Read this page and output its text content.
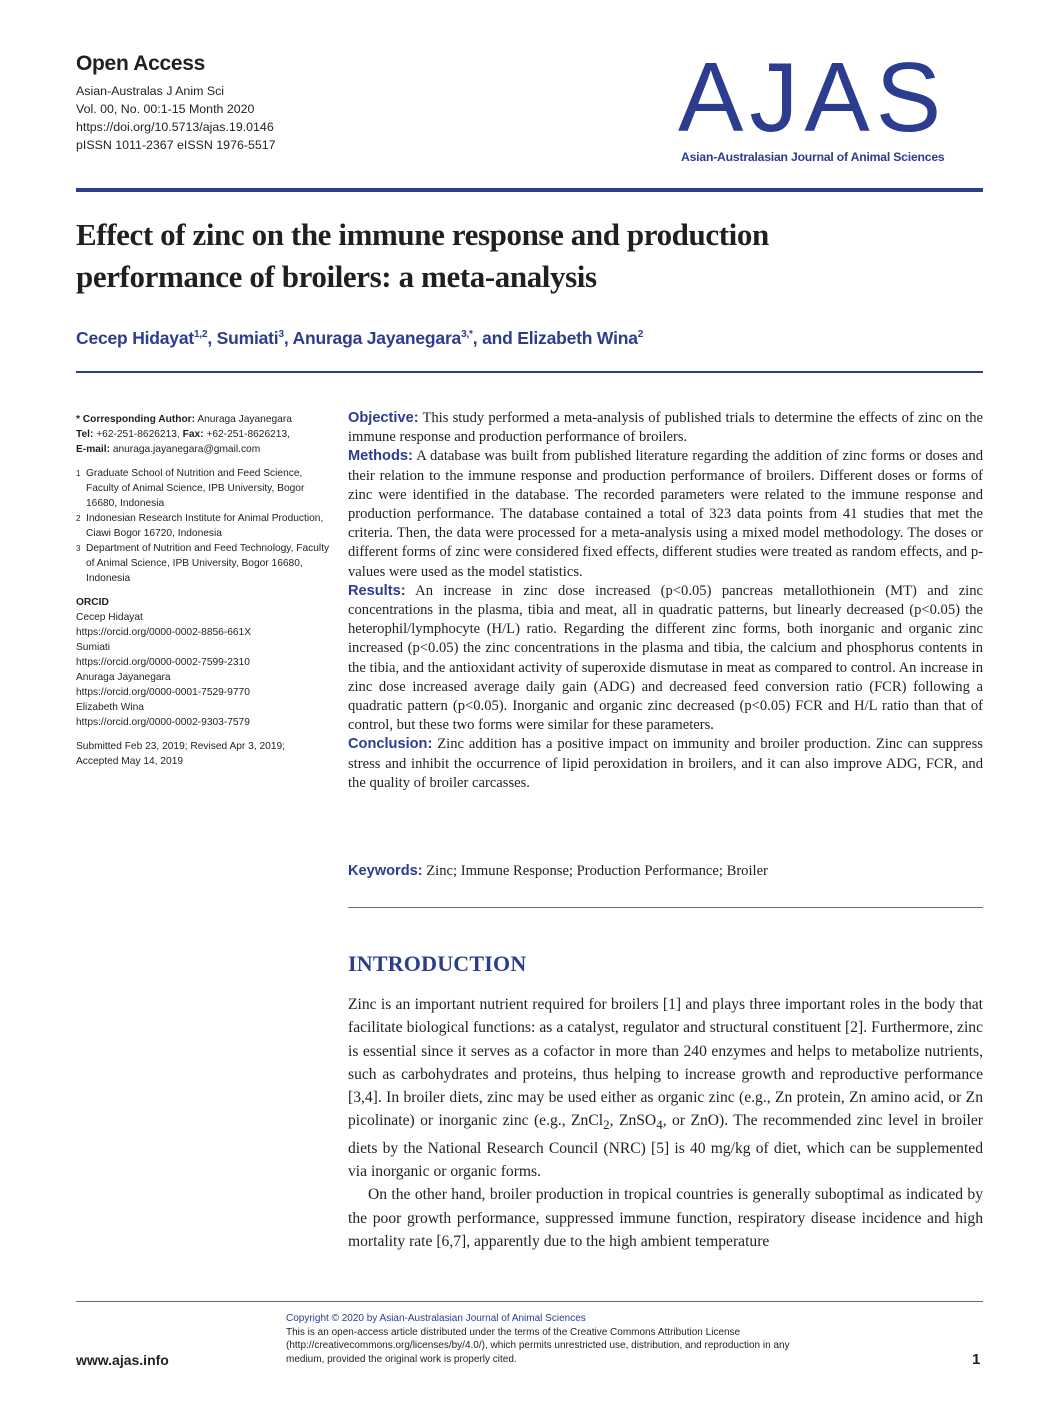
Open Access
Asian-Australas J Anim Sci
Vol. 00, No. 00:1-15 Month 2020
https://doi.org/10.5713/ajas.19.0146
pISSN 1011-2367 eISSN 1976-5517	AJAS
Asian-Australasian Journal of Animal Sciences
Effect of zinc on the immune response and production
performance of broilers: a meta-analysis
Cecep Hidayat$^{1,2}$, Sumiati$^3$, Anuraga Jayanegara$^{3,*}$, and Elizabeth Wina$^2$
* Corresponding Author: Anuraga Jayanegara
Tel: +62-251-8626213, Fax: +62-251-8626213,
E-mail: anuraga.jayanegara@gmail.com
1 Graduate School of Nutrition and Feed Science, Faculty of Animal Science, IPB University, Bogor 16680, Indonesia
2 Indonesian Research Institute for Animal Production, Ciawi Bogor 16720, Indonesia
3 Department of Nutrition and Feed Technology, Faculty of Animal Science, IPB University, Bogor 16680, Indonesia
ORCID
Cecep Hidayat
https://orcid.org/0000-0002-8856-661X
Sumiati
https://orcid.org/0000-0002-7599-2310
Anuraga Jayanegara
https://orcid.org/0000-0001-7529-9770
Elizabeth Wina
https://orcid.org/0000-0002-9303-7579
Submitted Feb 23, 2019; Revised Apr 3, 2019;
Accepted May 14, 2019

Objective: This study performed a meta-analysis of published trials to determine the effects of zinc on the immune response and production performance of broilers.

Methods: A database was built from published literature regarding the addition of zinc forms or doses and their relation to the immune response and production performance of broilers. Different doses or forms of zinc were identified in the database. The recorded parameters were related to the immune response and production performance. The database contained a total of 323 data points from 41 studies that met the criteria. Then, the data were processed for a meta-analysis using a mixed model methodology. The doses or different forms of zinc were considered fixed effects, different studies were treated as random effects, and p-values were used as the model statistics.

Results: An increase in zinc dose increased (p<0.05) pancreas metallothionein (MT) and zinc concentrations in the plasma, tibia and meat, all in quadratic patterns, but linearly decreased (p<0.05) the heterophil/lymphocyte (H/L) ratio. Regarding the different zinc forms, both inorganic and organic zinc increased (p<0.05) the zinc concentrations in the plasma and tibia, the calcium and phosphorus contents in the tibia, and the antioxidant activity of superoxide dismutase in meat as compared to control. An increase in zinc dose increased average daily gain (ADG) and decreased feed conversion ratio (FCR) following a quadratic pattern (p<0.05). Inorganic and organic zinc decreased (p<0.05) FCR and H/L ratio than that of control, but these two forms were similar for these parameters.

Conclusion: Zinc addition has a positive impact on immunity and broiler production. Zinc can suppress stress and inhibit the occurrence of lipid peroxidation in broilers, and it can also improve ADG, FCR, and the quality of broiler carcasses.

Keywords: Zinc; Immune Response; Production Performance; Broiler
INTRODUCTION

Zinc is an important nutrient required for broilers [1] and plays three important roles in the body that facilitate biological functions: as a catalyst, regulator and structural constituent [2]. Furthermore, zinc is essential since it serves as a cofactor in more than 240 enzymes and helps to metabolize nutrients, such as carbohydrates and proteins, thus helping to increase growth and reproductive performance [3,4]. In broiler diets, zinc may be used either as organic zinc (e.g., Zn protein, Zn amino acid, or Zn picolinate) or inorganic zinc (e.g., ZnCl$_2$, ZnSO$_4$, or ZnO). The recommended zinc level in broiler diets by the National Research Council (NRC) [5] is 40 mg/kg of diet, which can be supplemented via inorganic or organic forms.

On the other hand, broiler production in tropical countries is generally suboptimal as indicated by the poor growth performance, suppressed immune function, respiratory disease incidence and high mortality rate [6,7], apparently due to the high ambient temperature

www.ajas.info
Copyright © 2020 by Asian-Australasian Journal of Animal Sciences
This is an open-access article distributed under the terms of the Creative Commons Attribution License (http://creativecommons.org/licenses/by/4.0/), which permits unrestricted use, distribution, and reproduction in any medium, provided the original work is properly cited.	1
